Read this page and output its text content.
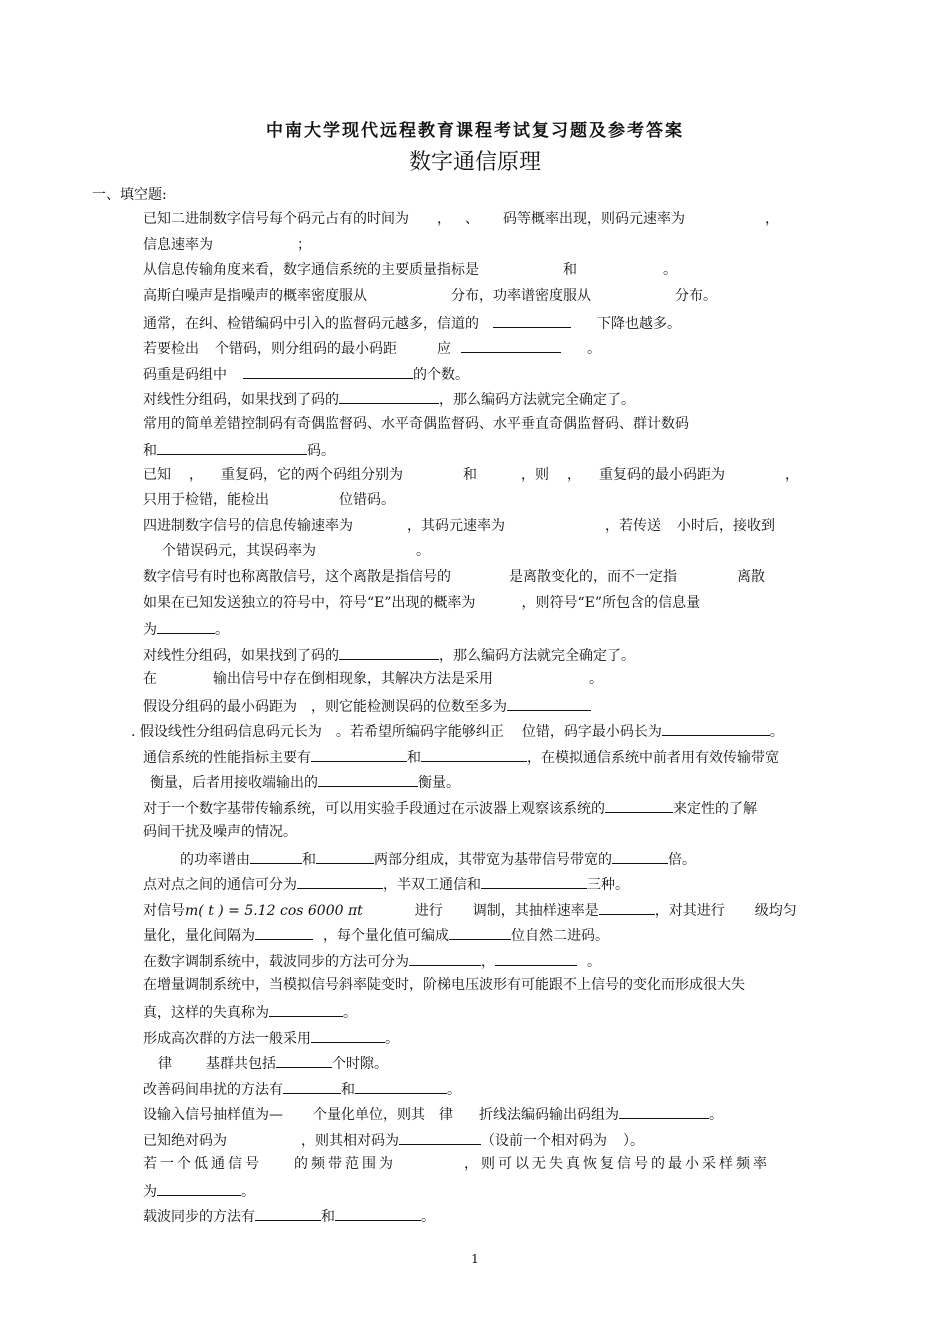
中南大学现代远程教育课程考试复习题及参考答案
数字通信原理
一、填空题:
已知二进制数字信号每个码元占有的时间为 ， 、 码等概率出现，则码元速率为	，
信息速率为	；
从信息传输角度来看，数字通信系统的主要质量指标是	和	。
高斯白噪声是指噪声的概率密度服从	分布，功率谱密度服从	分布。
通常，在纠、检错编码中引入的监督码元越多，信道的	下降也越多。
若要检出 个错码，则分组码的最小码距	应	。
码重是码组中	的个数。
对线性分组码，如果找到了码的	，那么编码方法就完全确定了。
常用的简单差错控制码有奇偶监督码、水平奇偶监督码、水平垂直奇偶监督码、群计数码
和	码。
已知 ， 重复码，它的两个码组分别为	和	，则 ， 重复码的最小码距为	，
只用于检错，能检出	位错码。
四进制数字信号的信息传输速率为	，其码元速率为	，若传送 小时后，接收到
个错误码元，其误码率为	。
数字信号有时也称离散信号，这个离散是指信号的	是离散变化的，而不一定指	离散
如果在已知发送独立的符号中，符号“E”出现的概率为	，则符号“E”所包含的信息量
为	。
对线性分组码，如果找到了码的	，那么编码方法就完全确定了。
在	输出信号中存在倒相现象，其解决方法是采用	。
假设分组码的最小码距为 ，则它能检测误码的位数至多为
. 假设线性分组码信息码元长为 。若希望所编码字能够纠正 位错，码字最小码长为	。
通信系统的性能指标主要有	和	，在模拟通信系统中前者用有效传输带宽
衡量，后者用接收端输出的	衡量。
对于一个数字基带传输系统，可以用实验手段通过在示波器上观察该系统的	来定性的了解
码间干扰及噪声的情况。
的功率谱由	和	两部分组成，其带宽为基带信号带宽的	倍。
点对点之间的通信可分为	，半双工通信和	三种。
对信号m( t ) = 5.12 cos 6000 πt	进行 调制，其抽样速率是	，对其进行 级均匀
量化，量化间隔为	，每个量化值可编成	位自然二进码。
在数字调制系统中，载波同步的方法可分为	，	。
在增量调制系统中，当模拟信号斜率陡变时，阶梯电压波形有可能跟不上信号的变化而形成很大失
真，这样的失真称为	。
形成高次群的方法一般采用	。
律 基群共包括	个时隙。
改善码间串扰的方法有	和	。
设输入信号抽样值为— 个量化单位，则其 律 折线法编码输出码组为	。
已知绝对码为	，则其相对码为	（设前一个相对码为 ）。
若一个低通信号 的频带范围为	，则可以无失真恢复信号的最小采样频率
为	。
载波同步的方法有	和	。
1
